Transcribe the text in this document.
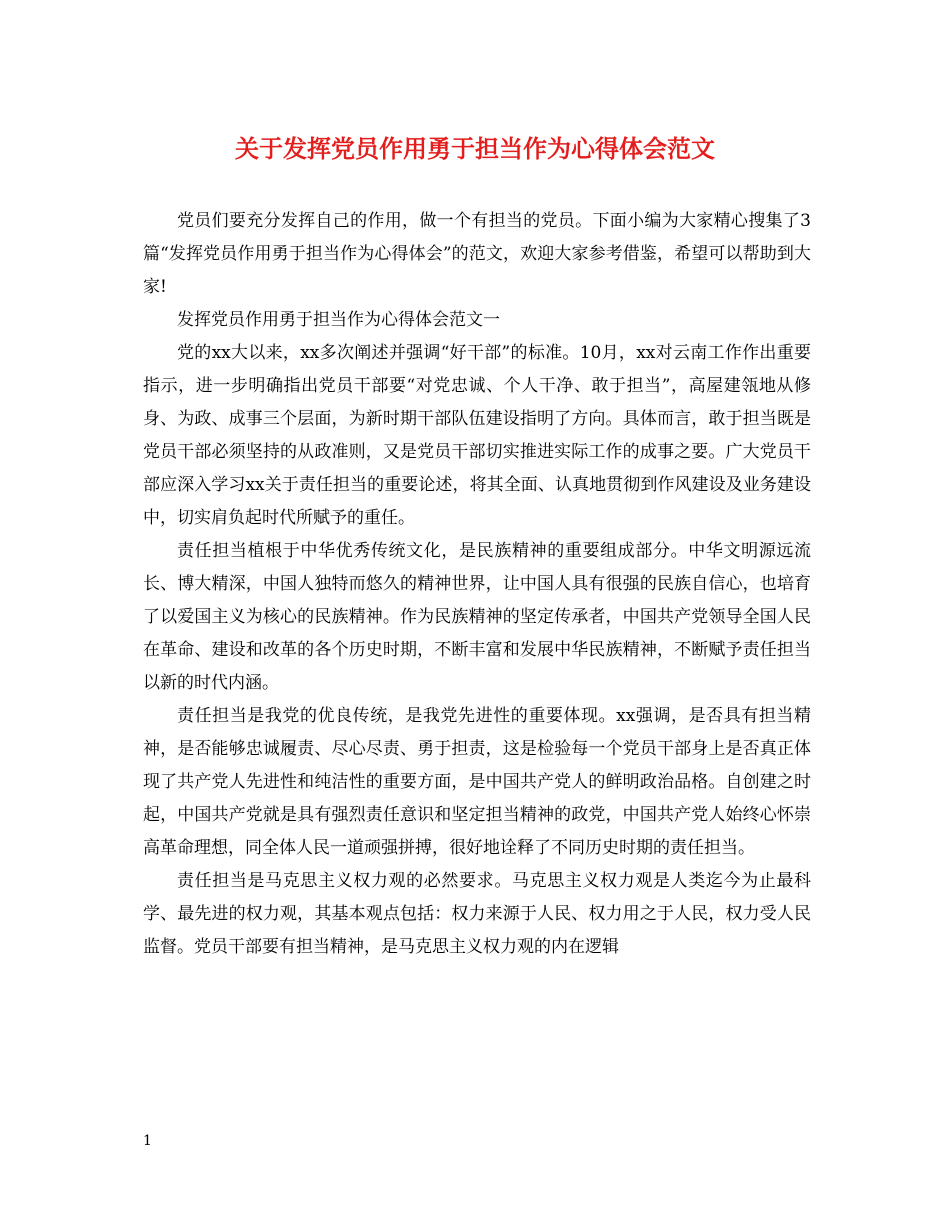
关于发挥党员作用勇于担当作为心得体会范文

党员们要充分发挥自己的作用，做一个有担当的党员。下面小编为大家精心搜集了3篇“发挥党员作用勇于担当作为心得体会”的范文，欢迎大家参考借鉴，希望可以帮助到大家!

发挥党员作用勇于担当作为心得体会范文一

党的xx大以来，xx多次阐述并强调“好干部”的标准。10月，xx对云南工作作出重要指示，进一步明确指出党员干部要“对党忠诚、个人干净、敢于担当”，高屋建瓴地从修身、为政、成事三个层面，为新时期干部队伍建设指明了方向。具体而言，敢于担当既是党员干部必须坚持的从政准则，又是党员干部切实推进实际工作的成事之要。广大党员干部应深入学习xx关于责任担当的重要论述，将其全面、认真地贯彻到作风建设及业务建设中，切实肩负起时代所赋予的重任。

责任担当植根于中华优秀传统文化，是民族精神的重要组成部分。中华文明源远流长、博大精深，中国人独特而悠久的精神世界，让中国人具有很强的民族自信心，也培育了以爱国主义为核心的民族精神。作为民族精神的坚定传承者，中国共产党领导全国人民在革命、建设和改革的各个历史时期，不断丰富和发展中华民族精神，不断赋予责任担当以新的时代内涵。

责任担当是我党的优良传统，是我党先进性的重要体现。xx强调，是否具有担当精神，是否能够忠诚履责、尽心尽责、勇于担责，这是检验每一个党员干部身上是否真正体现了共产党人先进性和纯洁性的重要方面，是中国共产党人的鲜明政治品格。自创建之时起，中国共产党就是具有强烈责任意识和坚定担当精神的政党，中国共产党人始终心怀崇高革命理想，同全体人民一道顽强拼搏，很好地诠释了不同历史时期的责任担当。

责任担当是马克思主义权力观的必然要求。马克思主义权力观是人类迄今为止最科学、最先进的权力观，其基本观点包括：权力来源于人民、权力用之于人民，权力受人民监督。党员干部要有担当精神，是马克思主义权力观的内在逻辑

1
